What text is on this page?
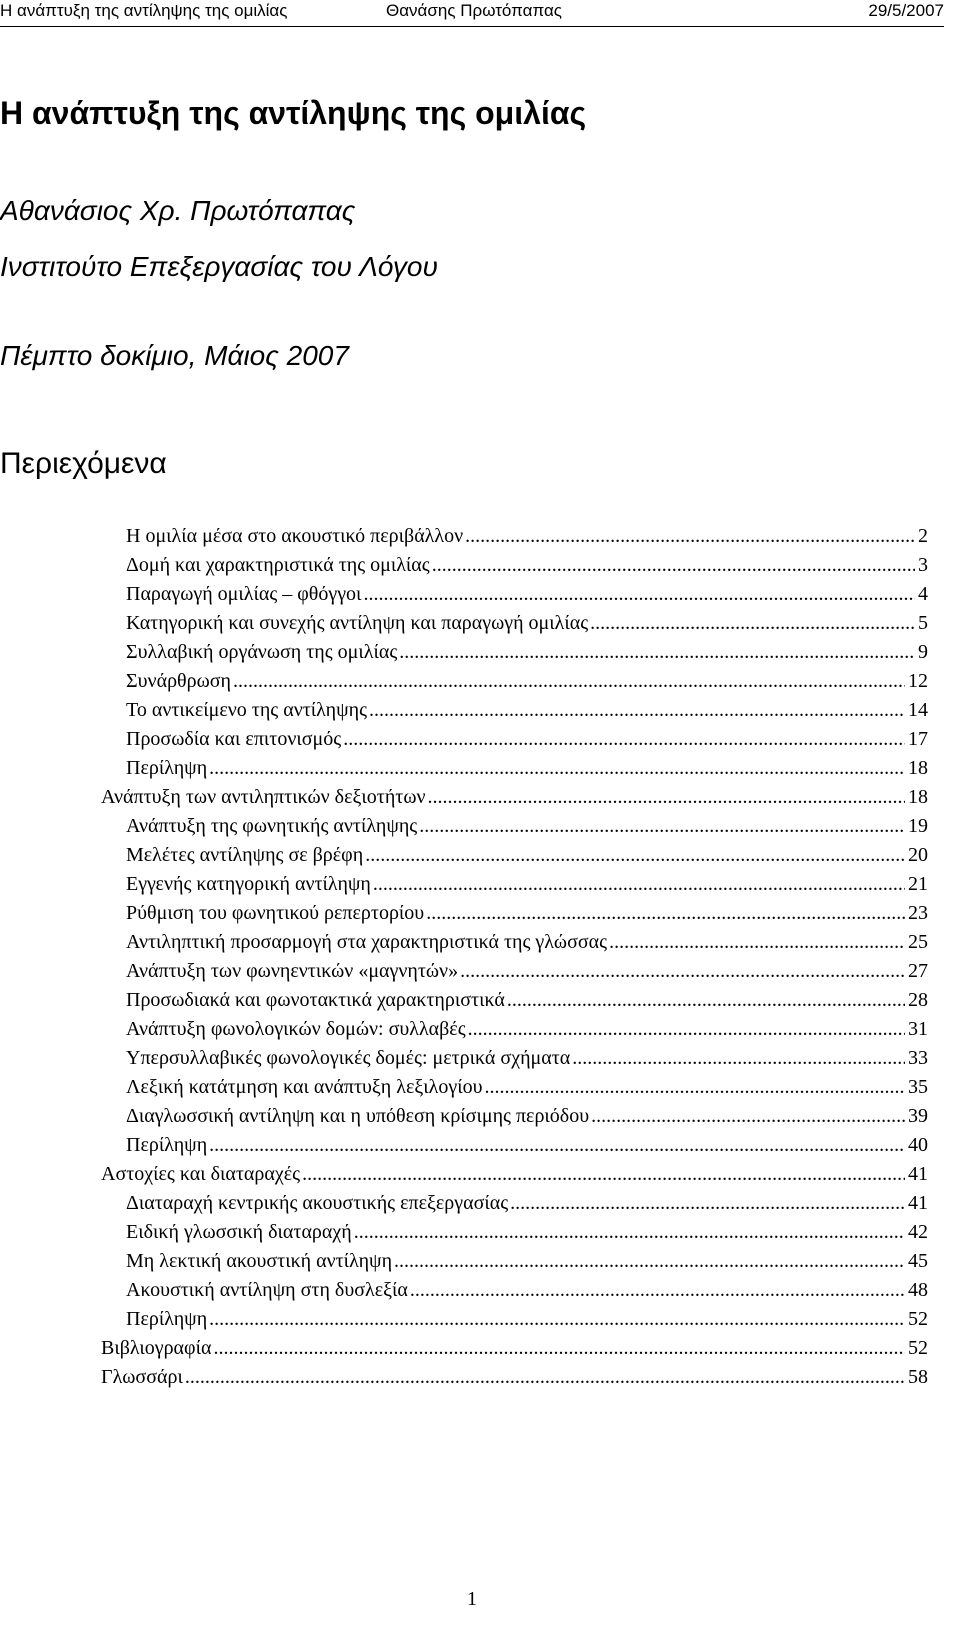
Η ανάπτυξη της αντίληψης της ομιλίας	Θανάσης Πρωτόπαπας	29/5/2007
Η ανάπτυξη της αντίληψης της ομιλίας

Αθανάσιος Χρ. Πρωτόπαπας

Ινστιτούτο Επεξεργασίας του Λόγου

Πέμπτο δοκίμιο, Μάιος 2007

Περιεχόμενα
Η ομιλία μέσα στο ακουστικό περιβάλλον .....	2
Δομή και χαρακτηριστικά της ομιλίας .....	3
Παραγωγή ομιλίας – φθόγγοι .....	4
Κατηγορική και συνεχής αντίληψη και παραγωγή ομιλίας .....	5
Συλλαβική οργάνωση της ομιλίας .....	9
Συνάρθρωση .....	12
Το αντικείμενο της αντίληψης .....	14
Προσωδία και επιτονισμός .....	17
Περίληψη .....	18
Ανάπτυξη των αντιληπτικών δεξιοτήτων .....	18
Ανάπτυξη της φωνητικής αντίληψης .....	19
Μελέτες αντίληψης σε βρέφη .....	20
Εγγενής κατηγορική αντίληψη .....	21
Ρύθμιση του φωνητικού ρεπερτορίου .....	23
Αντιληπτική προσαρμογή στα χαρακτηριστικά της γλώσσας .....	25
Ανάπτυξη των φωνηεντικών «μαγνητών» .....	27
Προσωδιακά και φωνοτακτικά χαρακτηριστικά .....	28
Ανάπτυξη φωνολογικών δομών: συλλαβές .....	31
Υπερσυλλαβικές φωνολογικές δομές: μετρικά σχήματα .....	33
Λεξική κατάτμηση και ανάπτυξη λεξιλογίου .....	35
Διαγλωσσική αντίληψη και η υπόθεση κρίσιμης περιόδου .....	39
Περίληψη .....	40
Αστοχίες και διαταραχές .....	41
Διαταραχή κεντρικής ακουστικής επεξεργασίας .....	41
Ειδική γλωσσική διαταραχή .....	42
Μη λεκτική ακουστική αντίληψη .....	45
Ακουστική αντίληψη στη δυσλεξία .....	48
Περίληψη .....	52
Βιβλιογραφία .....	52
Γλωσσάρι .....	58
1
